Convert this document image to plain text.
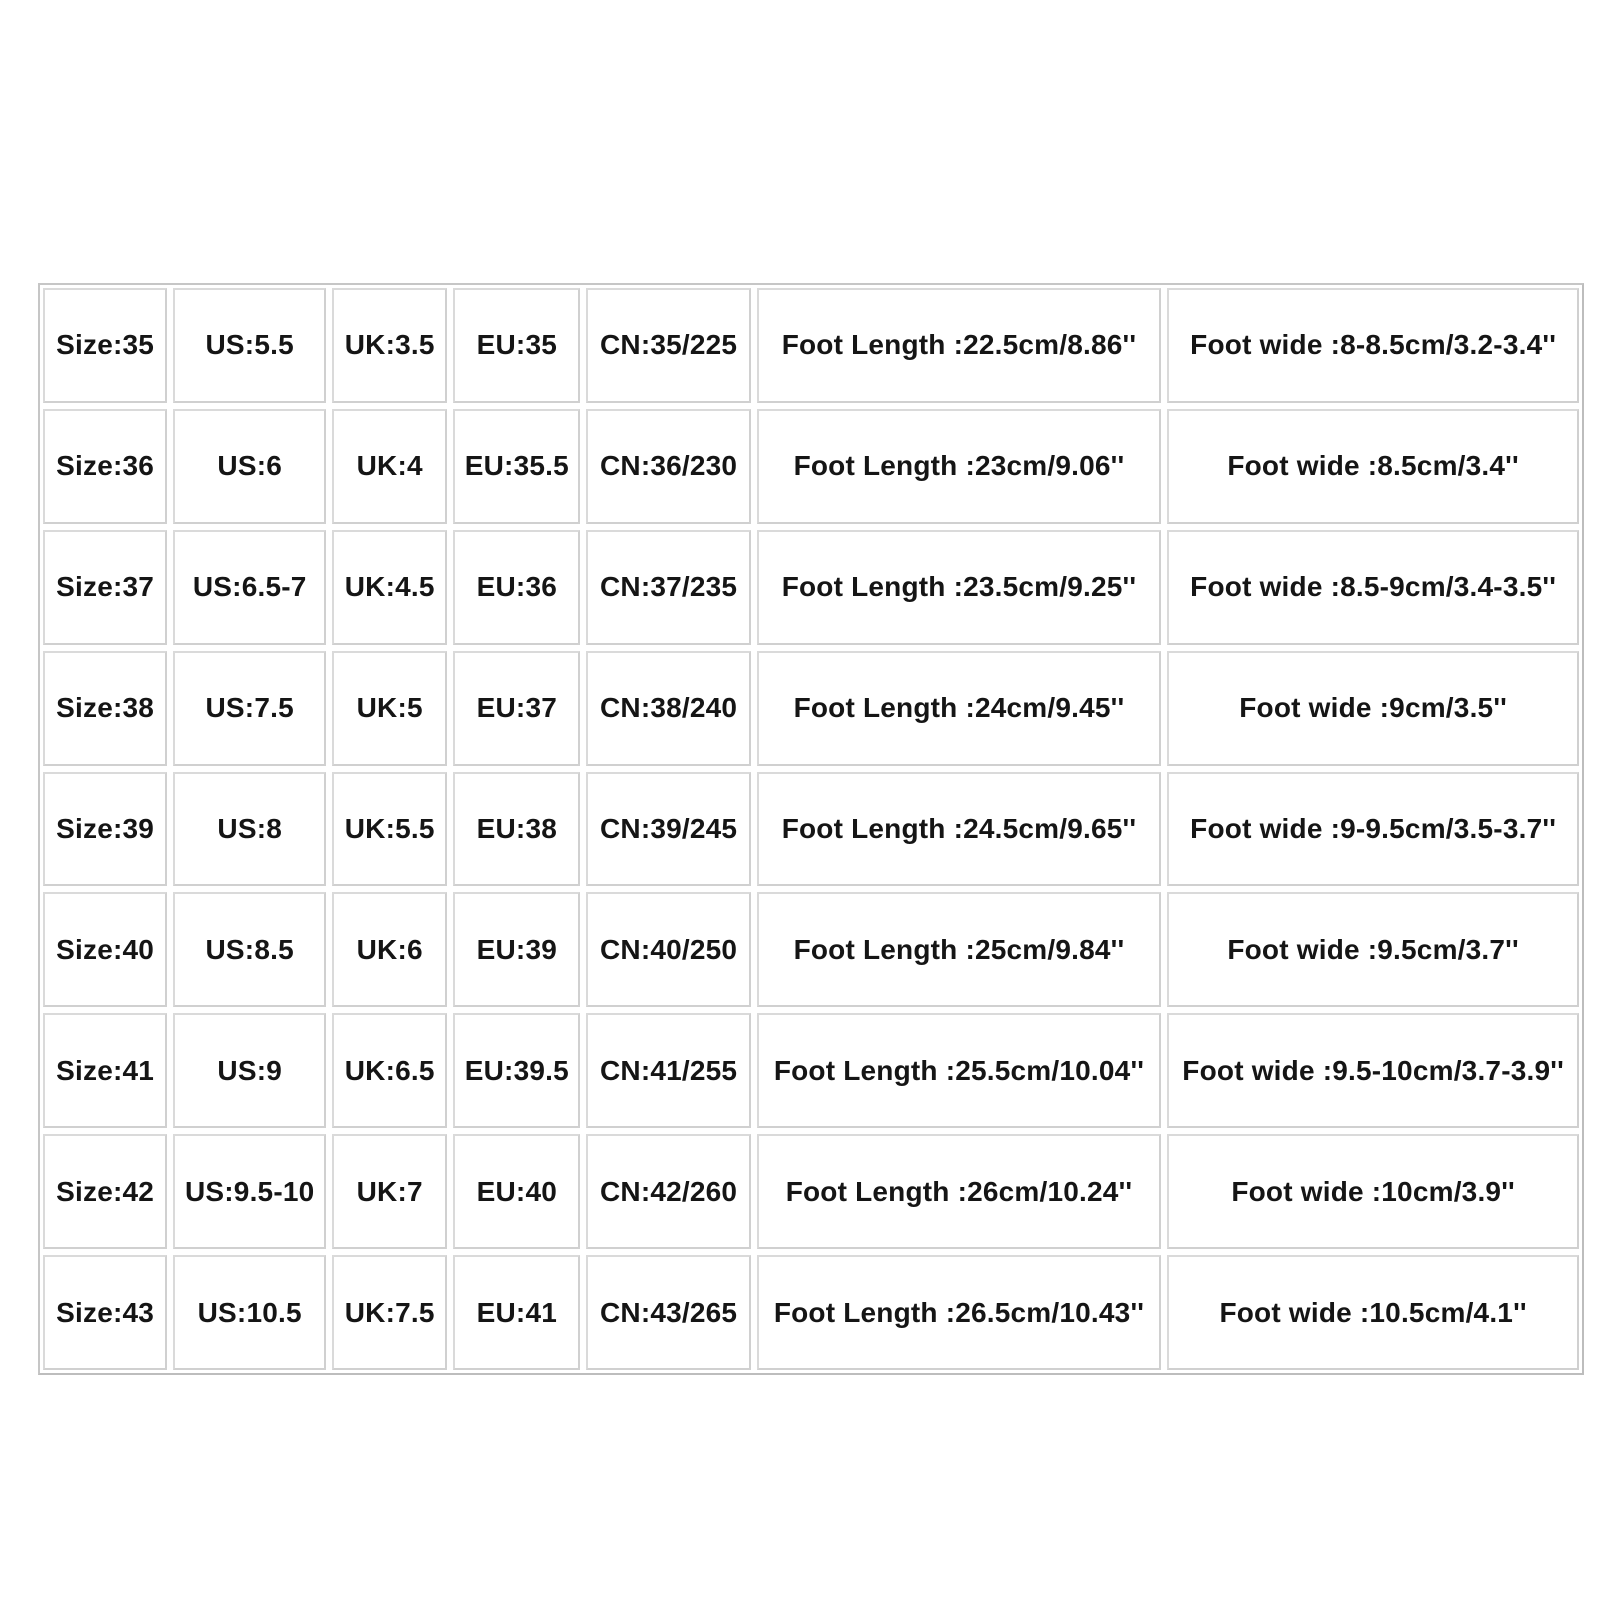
Size:35	US:5.5	UK:3.5	EU:35	CN:35/225	Foot Length :22.5cm/8.86''	Foot wide :8-8.5cm/3.2-3.4''
Size:36	US:6	UK:4	EU:35.5	CN:36/230	Foot Length :23cm/9.06''	Foot wide :8.5cm/3.4''
Size:37	US:6.5-7	UK:4.5	EU:36	CN:37/235	Foot Length :23.5cm/9.25''	Foot wide :8.5-9cm/3.4-3.5''
Size:38	US:7.5	UK:5	EU:37	CN:38/240	Foot Length :24cm/9.45''	Foot wide :9cm/3.5''
Size:39	US:8	UK:5.5	EU:38	CN:39/245	Foot Length :24.5cm/9.65''	Foot wide :9-9.5cm/3.5-3.7''
Size:40	US:8.5	UK:6	EU:39	CN:40/250	Foot Length :25cm/9.84''	Foot wide :9.5cm/3.7''
Size:41	US:9	UK:6.5	EU:39.5	CN:41/255	Foot Length :25.5cm/10.04''	Foot wide :9.5-10cm/3.7-3.9''
Size:42	US:9.5-10	UK:7	EU:40	CN:42/260	Foot Length :26cm/10.24''	Foot wide :10cm/3.9''
Size:43	US:10.5	UK:7.5	EU:41	CN:43/265	Foot Length :26.5cm/10.43''	Foot wide :10.5cm/4.1''
